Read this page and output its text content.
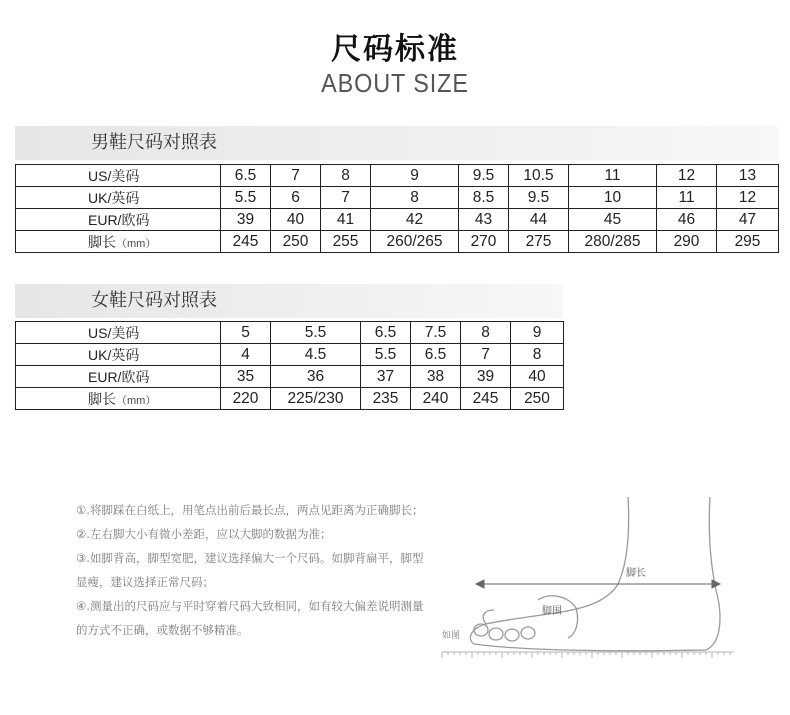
尺码标准
ABOUT SIZE
男鞋尺码对照表
US/美码	6.5	7	8	9	9.5	10.5	11	12	13
UK/英码	5.5	6	7	8	8.5	9.5	10	11	12
EUR/欧码	39	40	41	42	43	44	45	46	47
脚长（mm）	245	250	255	260/265	270	275	280/285	290	295
女鞋尺码对照表
US/美码	5	5.5	6.5	7.5	8	9
UK/英码	4	4.5	5.5	6.5	7	8
EUR/欧码	35	36	37	38	39	40
脚长（mm）	220	225/230	235	240	245	250

①.将脚踩在白纸上，用笔点出前后最长点，两点见距离为正确脚长；

②.左右脚大小有微小差距，应以大脚的数据为准；

③.如脚背高，脚型宽肥，建议选择偏大一个尺码。如脚背扁平，脚型显瘦，建议选择正常尺码；

④.测量出的尺码应与平时穿着尺码大致相同，如有较大偏差说明测量的方式不正确，或数据不够精准。

脚长
脚围
如图
